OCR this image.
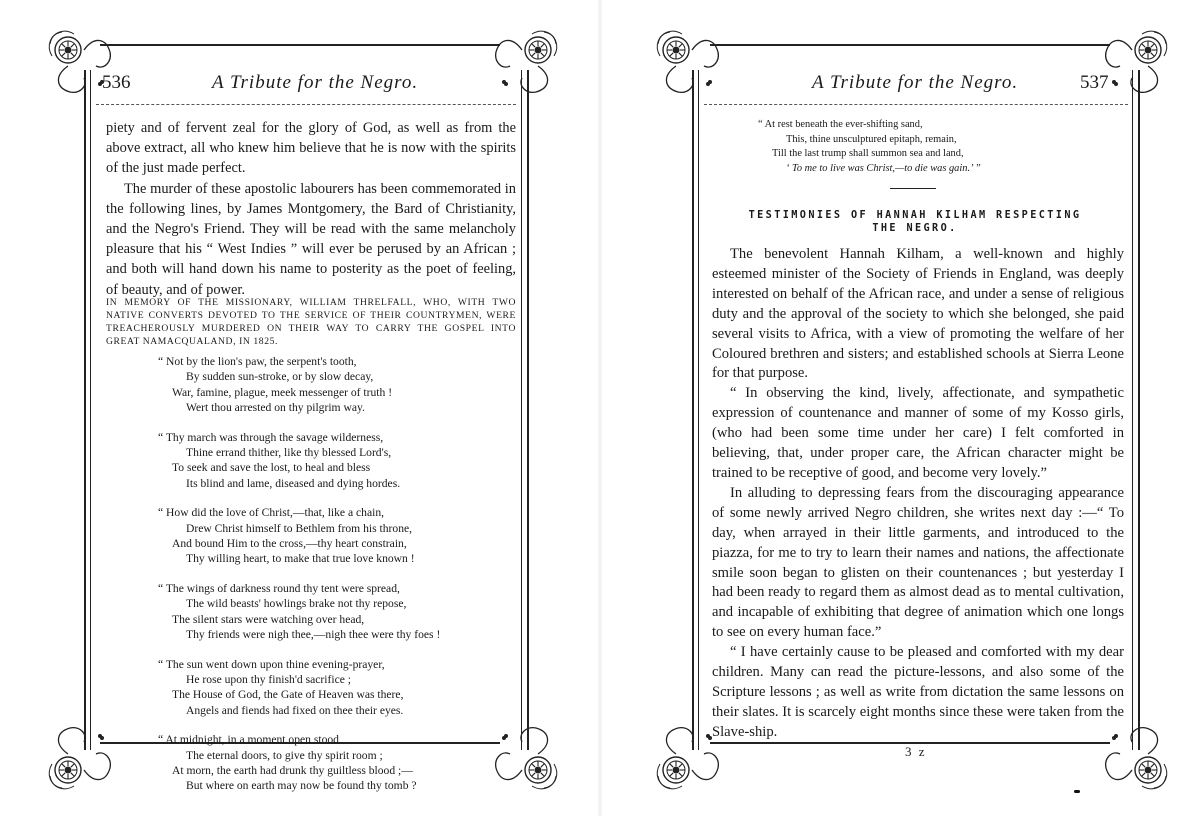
536	A Tribute for the Negro.

piety and of fervent zeal for the glory of God, as well as from the above extract, all who knew him believe that he is now with the spirits of the just made perfect.

The murder of these apostolic labourers has been commemorated in the following lines, by James Montgomery, the Bard of Christianity, and the Negro's Friend. They will be read with the same melancholy pleasure that his “ West Indies ” will ever be perused by an African ; and both will hand down his name to posterity as the poet of feeling, of beauty, and of power.

IN MEMORY OF THE MISSIONARY, WILLIAM THRELFALL, WHO, WITH TWO NATIVE CONVERTS DEVOTED TO THE SERVICE OF THEIR COUNTRYMEN, WERE TREACHEROUSLY MURDERED ON THEIR WAY TO CARRY THE GOSPEL INTO GREAT NAMACQUALAND, IN 1825.
“ Not by the lion's paw, the serpent's tooth,
By sudden sun-stroke, or by slow decay,
War, famine, plague, meek messenger of truth !
Wert thou arrested on thy pilgrim way.
“ Thy march was through the savage wilderness,
Thine errand thither, like thy blessed Lord's,
To seek and save the lost, to heal and bless
Its blind and lame, diseased and dying hordes.
“ How did the love of Christ,—that, like a chain,
Drew Christ himself to Bethlem from his throne,
And bound Him to the cross,—thy heart constrain,
Thy willing heart, to make that true love known !
“ The wings of darkness round thy tent were spread,
The wild beasts' howlings brake not thy repose,
The silent stars were watching over head,
Thy friends were nigh thee,—nigh thee were thy foes !
“ The sun went down upon thine evening-prayer,
He rose upon thy finish'd sacrifice ;
The House of God, the Gate of Heaven was there,
Angels and fiends had fixed on thee their eyes.
“ At midnight, in a moment open stood
The eternal doors, to give thy spirit room ;
At morn, the earth had drunk thy guiltless blood ;—
But where on earth may now be found thy tomb ?
A Tribute for the Negro.	537
“ At rest beneath the ever-shifting sand,
This, thine unsculptured epitaph, remain,
Till the last trump shall summon sea and land,
‘ To me to live was Christ,—to die was gain.’ ”
TESTIMONIES OF HANNAH KILHAM RESPECTING
THE NEGRO.

The benevolent Hannah Kilham, a well-known and highly esteemed minister of the Society of Friends in England, was deeply interested on behalf of the African race, and under a sense of religious duty and the approval of the society to which she belonged, she paid several visits to Africa, with a view of promoting the welfare of her Coloured brethren and sisters; and established schools at Sierra Leone for that purpose.

“ In observing the kind, lively, affectionate, and sympathetic expression of countenance and manner of some of my Kosso girls, (who had been some time under her care) I felt comforted in believing, that, under proper care, the African character might be trained to be receptive of good, and become very lovely.”

In alluding to depressing fears from the discouraging appearance of some newly arrived Negro children, she writes next day :—“ To day, when arrayed in their little garments, and introduced to the piazza, for me to try to learn their names and nations, the affectionate smile soon began to glisten on their countenances ; but yesterday I had been ready to regard them as almost dead as to mental cultivation, and incapable of exhibiting that degree of animation which one longs to see on every human face.”

“ I have certainly cause to be pleased and comforted with my dear children. Many can read the picture-lessons, and also some of the Scripture lessons ; as well as write from dictation the same lessons on their slates. It is scarcely eight months since these were taken from the Slave-ship.

3 z
